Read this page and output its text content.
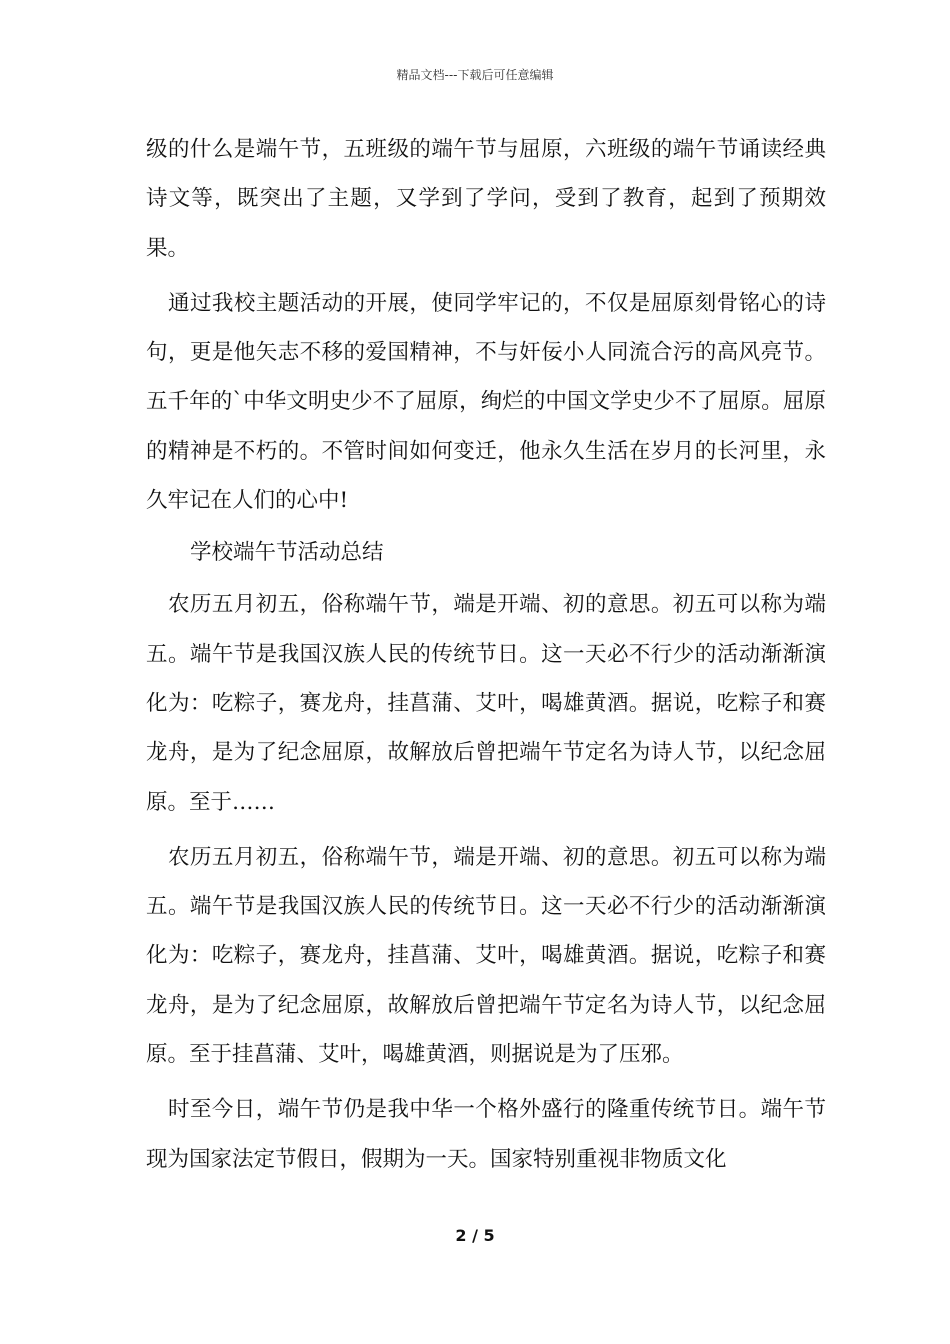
精品文档---下载后可任意编辑

级的什么是端午节，五班级的端午节与屈原，六班级的端午节诵读经典诗文等，既突出了主题，又学到了学问，受到了教育，起到了预期效果。

通过我校主题活动的开展，使同学牢记的，不仅是屈原刻骨铭心的诗句，更是他矢志不移的爱国精神，不与奸佞小人同流合污的高风亮节。五千年的`中华文明史少不了屈原，绚烂的中国文学史少不了屈原。屈原的精神是不朽的。不管时间如何变迁，他永久生活在岁月的长河里，永久牢记在人们的心中!

学校端午节活动总结

农历五月初五，俗称端午节，端是开端、初的意思。初五可以称为端五。端午节是我国汉族人民的传统节日。这一天必不行少的活动渐渐演化为：吃粽子，赛龙舟，挂菖蒲、艾叶，喝雄黄酒。据说，吃粽子和赛龙舟，是为了纪念屈原，故解放后曾把端午节定名为诗人节，以纪念屈原。至于……

农历五月初五，俗称端午节，端是开端、初的意思。初五可以称为端五。端午节是我国汉族人民的传统节日。这一天必不行少的活动渐渐演化为：吃粽子，赛龙舟，挂菖蒲、艾叶，喝雄黄酒。据说，吃粽子和赛龙舟，是为了纪念屈原，故解放后曾把端午节定名为诗人节，以纪念屈原。至于挂菖蒲、艾叶，喝雄黄酒，则据说是为了压邪。

时至今日，端午节仍是我中华一个格外盛行的隆重传统节日。端午节现为国家法定节假日，假期为一天。国家特别重视非物质文化

2 / 5
